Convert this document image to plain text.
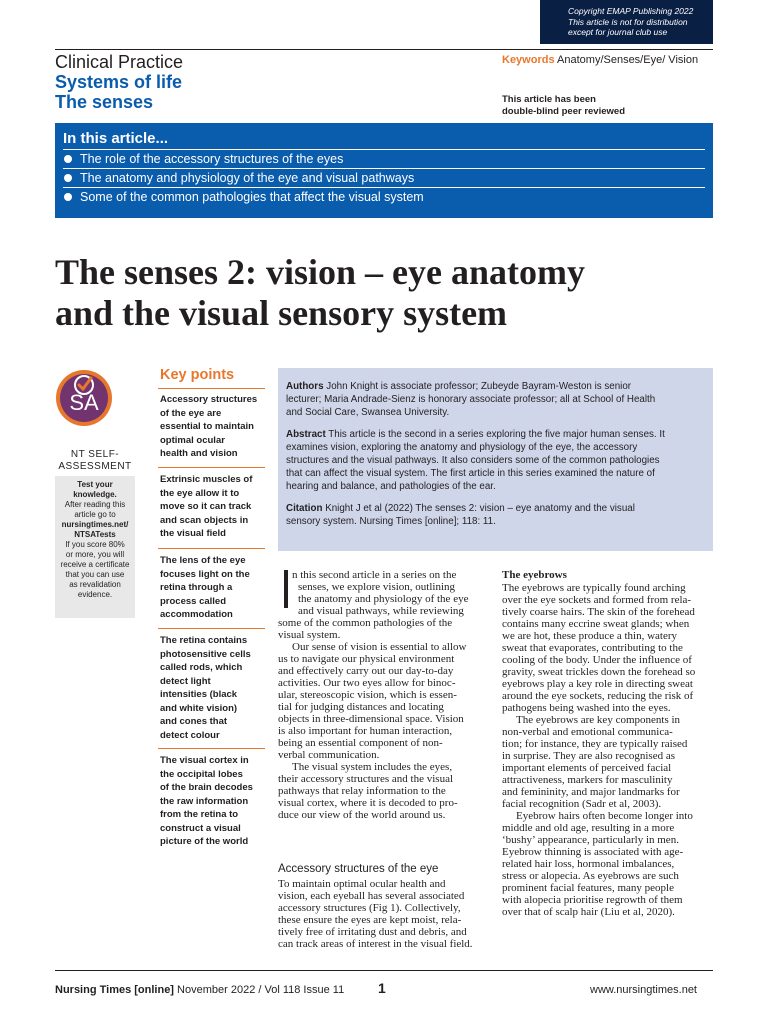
Copyright EMAP Publishing 2022
This article is not for distribution
except for journal club use
Clinical Practice
Systems of life
The senses
Keywords Anatomy/Senses/Eye/ Vision
This article has been
double-blind peer reviewed
In this article...
The role of the accessory structures of the eyes
The anatomy and physiology of the eye and visual pathways
Some of the common pathologies that affect the visual system
The senses 2: vision – eye anatomy
and the visual sensory system
SA
NT SELF-
ASSESSMENT
Test your
knowledge.
After reading this
article go to
nursingtimes.net/
NTSATests
If you score 80%
or more, you will
receive a certificate
that you can use
as revalidation
evidence.
Key points
Accessory structures
of the eye are
essential to maintain
optimal ocular
health and vision
Extrinsic muscles of
the eye allow it to
move so it can track
and scan objects in
the visual field
The lens of the eye
focuses light on the
retina through a
process called
accommodation
The retina contains
photosensitive cells
called rods, which
detect light
intensities (black
and white vision)
and cones that
detect colour
The visual cortex in
the occipital lobes
of the brain decodes
the raw information
from the retina to
construct a visual
picture of the world
Authors John Knight is associate professor; Zubeyde Bayram-Weston is senior
lecturer; Maria Andrade-Sienz is honorary associate professor; all at School of Health
and Social Care, Swansea University.
Abstract This article is the second in a series exploring the five major human senses. It
examines vision, exploring the anatomy and physiology of the eye, the accessory
structures and the visual pathways. It also considers some of the common pathologies
that can affect the visual system. The first article in this series examined the nature of
hearing and balance, and pathologies of the ear.
Citation Knight J et al (2022) The senses 2: vision – eye anatomy and the visual
sensory system. Nursing Times [online]; 118: 11.
n this second article in a series on the
senses, we explore vision, outlining
the anatomy and physiology of the eye
and visual pathways, while reviewing
some of the common pathologies of the
visual system.
Our sense of vision is essential to allow
us to navigate our physical environment
and effectively carry out our day-to-day
activities. Our two eyes allow for binoc-
ular, stereoscopic vision, which is essen-
tial for judging distances and locating
objects in three-dimensional space. Vision
is also important for human interaction,
being an essential component of non-
verbal communication.
The visual system includes the eyes,
their accessory structures and the visual
pathways that relay information to the
visual cortex, where it is decoded to pro-
duce our view of the world around us.
Accessory structures of the eye
To maintain optimal ocular health and
vision, each eyeball has several associated
accessory structures (Fig 1). Collectively,
these ensure the eyes are kept moist, rela-
tively free of irritating dust and debris, and
can track areas of interest in the visual field.
The eyebrows
The eyebrows are typically found arching
over the eye sockets and formed from rela-
tively coarse hairs. The skin of the forehead
contains many eccrine sweat glands; when
we are hot, these produce a thin, watery
sweat that evaporates, contributing to the
cooling of the body. Under the influence of
gravity, sweat trickles down the forehead so
eyebrows play a key role in directing sweat
around the eye sockets, reducing the risk of
pathogens being washed into the eyes.
The eyebrows are key components in
non-verbal and emotional communica-
tion; for instance, they are typically raised
in surprise. They are also recognised as
important elements of perceived facial
attractiveness, markers for masculinity
and femininity, and major landmarks for
facial recognition (Sadr et al, 2003).
Eyebrow hairs often become longer into
middle and old age, resulting in a more
‘bushy’ appearance, particularly in men.
Eyebrow thinning is associated with age-
related hair loss, hormonal imbalances,
stress or alopecia. As eyebrows are such
prominent facial features, many people
with alopecia prioritise regrowth of them
over that of scalp hair (Liu et al, 2020).
Nursing Times [online] November 2022 / Vol 118 Issue 11 1	www.nursingtimes.net
